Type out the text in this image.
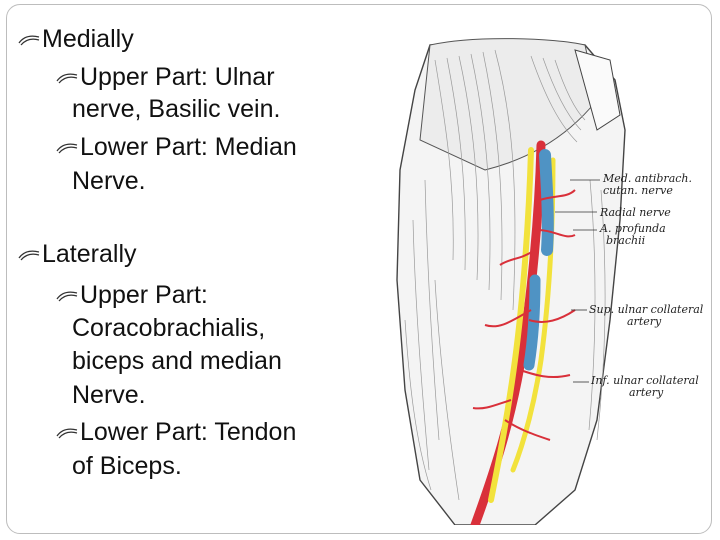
Medially
Upper Part: Ulnar
nerve, Basilic vein.
Lower Part: Median
Nerve.
Laterally
Upper Part:
Coracobrachialis,
biceps and median
Nerve.
Lower Part: Tendon
of Biceps.
Med. antibrach.
cutan. nerve
Radial nerve
A. profunda
brachii
Sup. ulnar collateral
artery
Inf. ulnar collateral
artery
